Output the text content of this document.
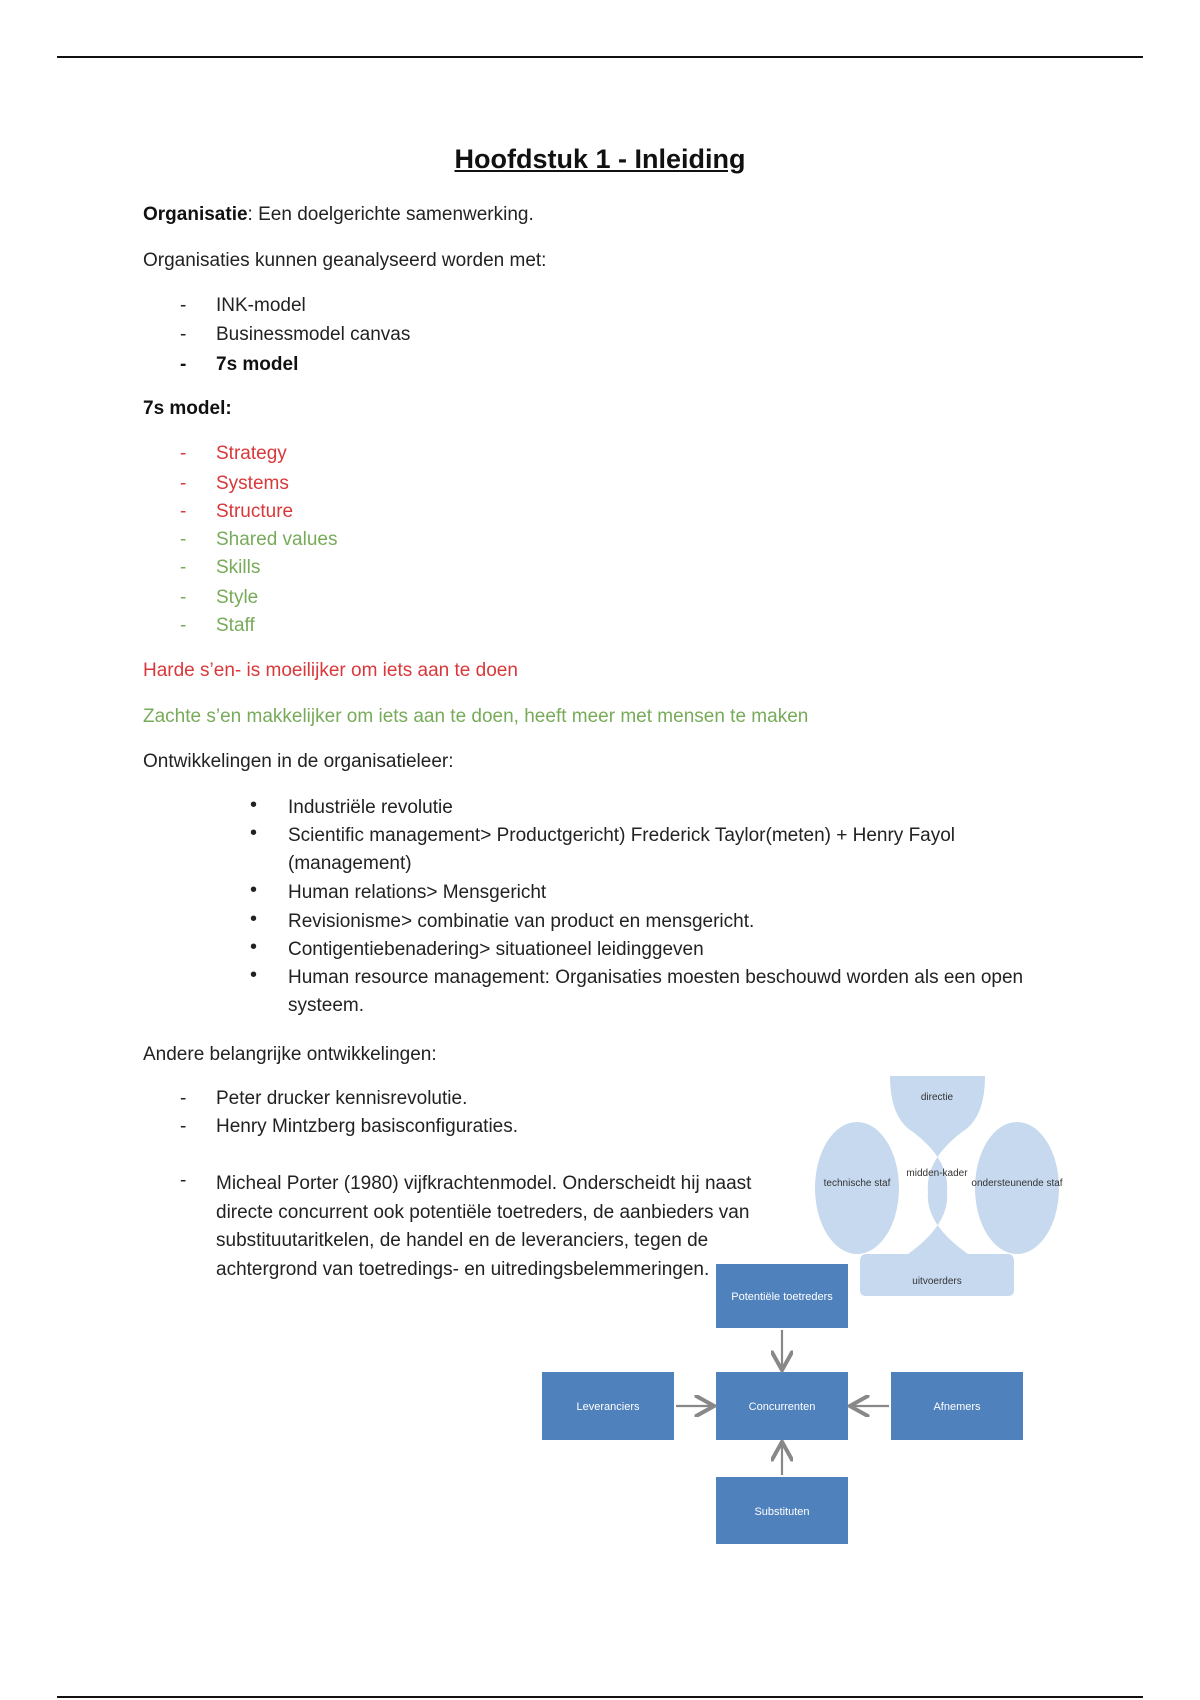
Hoofdstuk 1 - Inleiding
Organisatie: Een doelgerichte samenwerking.
Organisaties kunnen geanalyseerd worden met:
- INK-model
- Businessmodel canvas
- 7s model
7s model:
- Strategy
- Systems
- Structure
- Shared values
- Skills
- Style
- Staff
Harde s’en- is moeilijker om iets aan te doen
Zachte s’en makkelijker om iets aan te doen, heeft meer met mensen te maken
Ontwikkelingen in de organisatieleer:
• Industriële revolutie
• Scientific management> Productgericht) Frederick Taylor(meten) + Henry Fayol (management)
• Human relations> Mensgericht
• Revisionisme> combinatie van product en mensgericht.
• Contigentiebenadering> situationeel leidinggeven
• Human resource management: Organisaties moesten beschouwd worden als een open systeem.
Andere belangrijke ontwikkelingen:
- Peter drucker kennisrevolutie.
- Henry Mintzberg basisconfiguraties.
- Micheal Porter (1980) vijfkrachtenmodel. Onderscheidt hij naast directe concurrent ook potentiële toetreders, de aanbieders van substituutaritkelen, de handel en de leveranciers, tegen de achtergrond van toetredings- en uitredingsbelemmeringen.
directie
midden-kader
technische staf	ondersteunende staf
uitvoerders
Potentiële toetreders
Concurrenten
Leveranciers	Afnemers
Substituten
